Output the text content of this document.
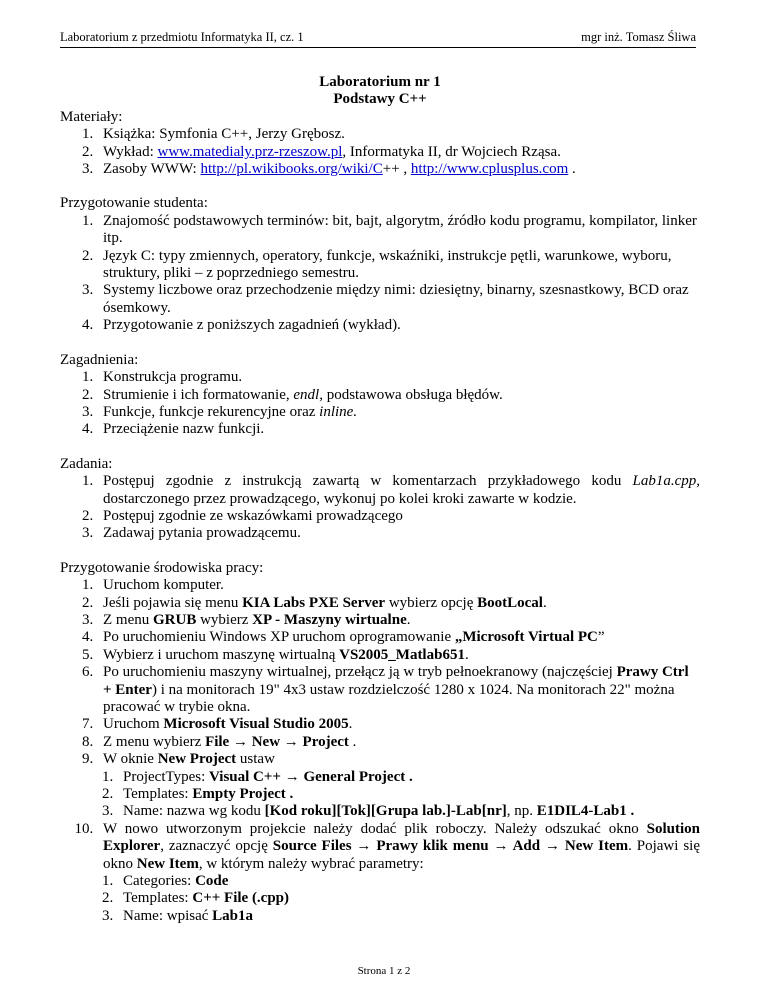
Laboratorium z przedmiotu Informatyka II, cz. 1	mgr inż. Tomasz Śliwa
Laboratorium nr 1
Podstawy C++
Materiały:
1. Książka: Symfonia C++, Jerzy Grębosz.
2. Wykład: www.matedialy.prz-rzeszow.pl, Informatyka II, dr Wojciech Rząsa.
3. Zasoby WWW: http://pl.wikibooks.org/wiki/C++ , http://www.cplusplus.com .
Przygotowanie studenta:
1. Znajomość podstawowych terminów: bit, bajt, algorytm, źródło kodu programu, kompilator, linker itp.
2. Język C: typy zmiennych, operatory, funkcje, wskaźniki, instrukcje pętli, warunkowe, wyboru, struktury, pliki – z poprzedniego semestru.
3. Systemy liczbowe oraz przechodzenie między nimi: dziesiętny, binarny, szesnastkowy, BCD oraz ósemkowy.
4. Przygotowanie z poniższych zagadnień (wykład).
Zagadnienia:
1. Konstrukcja programu.
2. Strumienie i ich formatowanie, endl, podstawowa obsługa błędów.
3. Funkcje, funkcje rekurencyjne oraz inline.
4. Przeciążenie nazw funkcji.
Zadania:
1. Postępuj zgodnie z instrukcją zawartą w komentarzach przykładowego kodu Lab1a.cpp, dostarczonego przez prowadzącego, wykonuj po kolei kroki zawarte w kodzie.
2. Postępuj zgodnie ze wskazówkami prowadzącego
3. Zadawaj pytania prowadzącemu.
Przygotowanie środowiska pracy:
1. Uruchom komputer.
2. Jeśli pojawia się menu KIA Labs PXE Server wybierz opcję BootLocal.
3. Z menu GRUB wybierz XP - Maszyny wirtualne.
4. Po uruchomieniu Windows XP uruchom oprogramowanie „Microsoft Virtual PC”
5. Wybierz i uruchom maszynę wirtualną VS2005_Matlab651.
6. Po uruchomieniu maszyny wirtualnej, przełącz ją w tryb pełnoekranowy (najczęściej Prawy Ctrl + Enter) i na monitorach 19" 4x3 ustaw rozdzielczość 1280 x 1024. Na monitorach 22" można pracować w trybie okna.
7. Uruchom Microsoft Visual Studio 2005.
8. Z menu wybierz File → New → Project .
9. W oknie New Project ustaw
1. ProjectTypes: Visual C++ → General Project .
2. Templates: Empty Project .
3. Name: nazwa wg kodu [Kod roku][Tok][Grupa lab.]-Lab[nr], np. E1DIL4-Lab1 .
10. W nowo utworzonym projekcie należy dodać plik roboczy. Należy odszukać okno Solution Explorer, zaznaczyć opcję Source Files → Prawy klik menu → Add → New Item. Pojawi się okno New Item, w którym należy wybrać parametry:
1. Categories: Code
2. Templates: C++ File (.cpp)
3. Name: wpisać Lab1a
Strona 1 z 2
